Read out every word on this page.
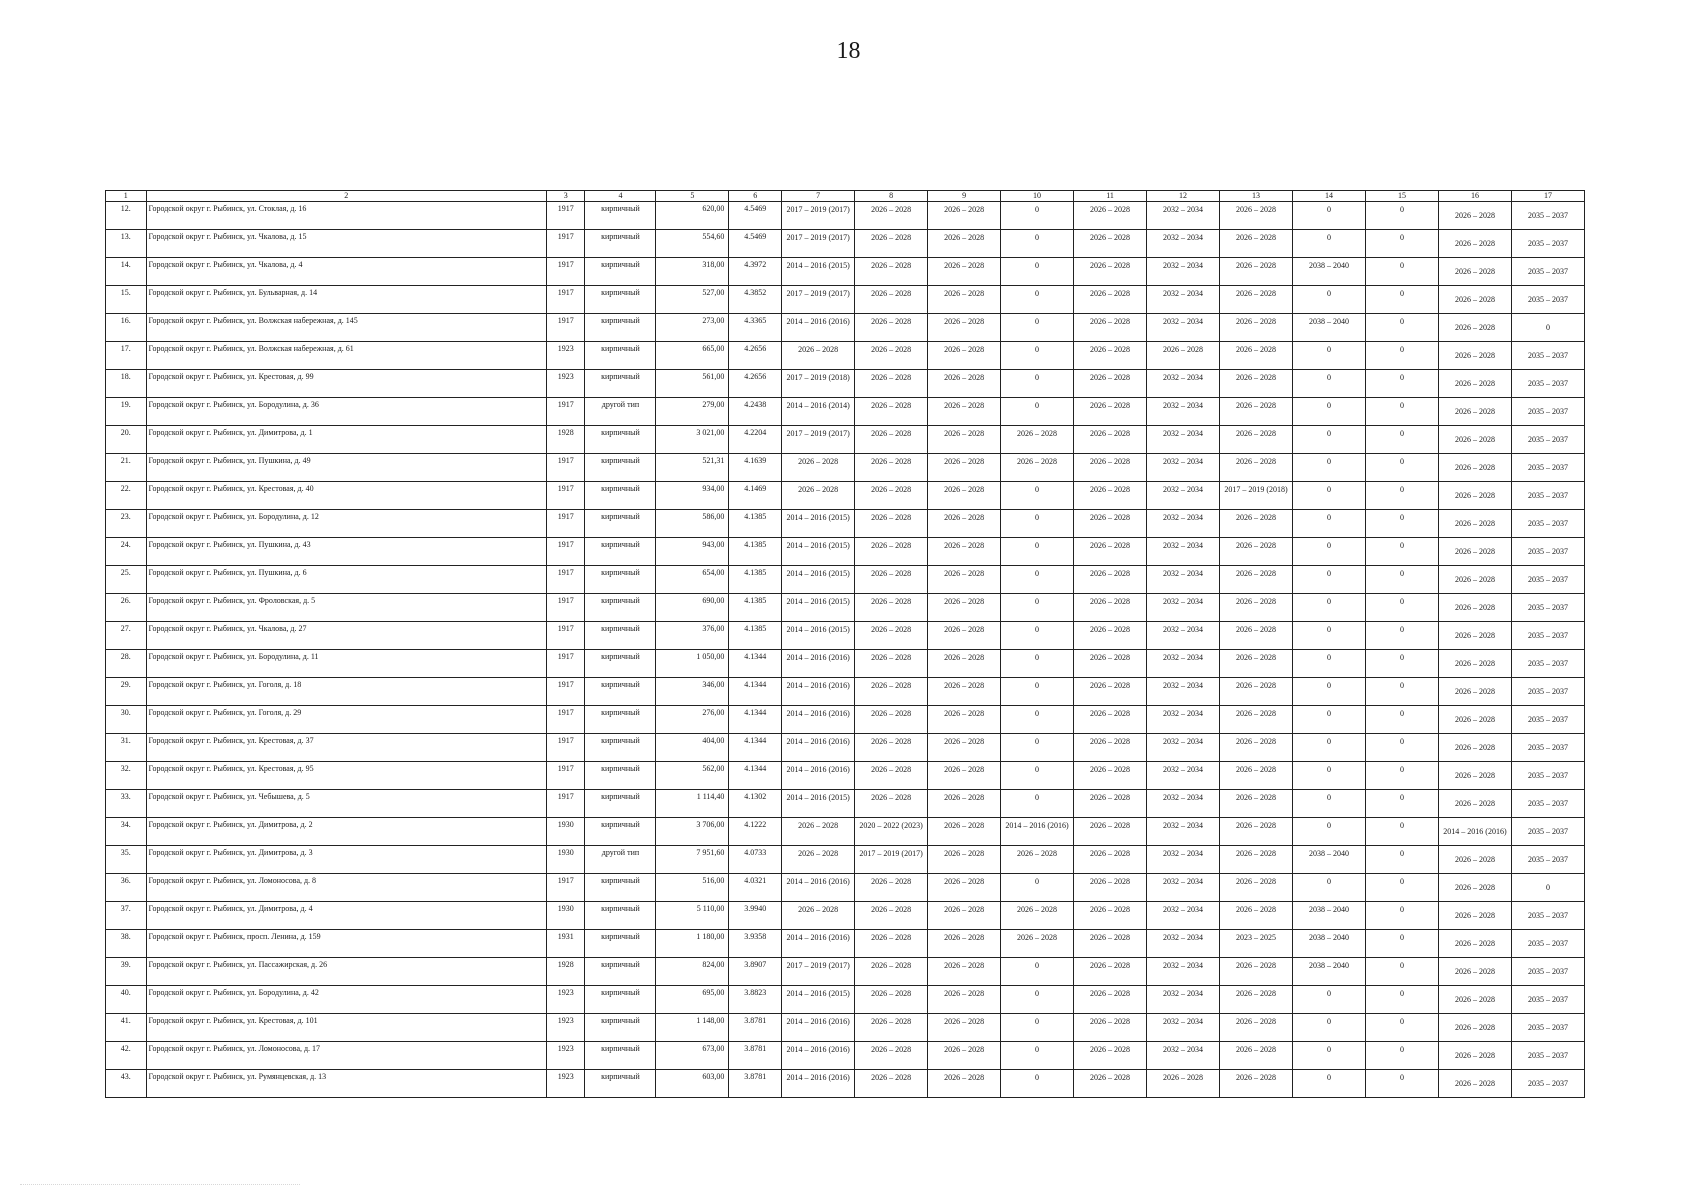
18
1	2	3	4	5	6	7	8	9	10	11	12	13	14	15	16	17
12.	Городской округ г. Рыбинск, ул. Стоклая, д. 16	1917	кирпичный	620,00	4.5469	2017 – 2019 (2017)	2026 – 2028	2026 – 2028	0	2026 – 2028	2032 – 2034	2026 – 2028	0	0	2026 – 2028	2035 – 2037
13.	Городской округ г. Рыбинск, ул. Чкалова, д. 15	1917	кирпичный	554,60	4.5469	2017 – 2019 (2017)	2026 – 2028	2026 – 2028	0	2026 – 2028	2032 – 2034	2026 – 2028	0	0	2026 – 2028	2035 – 2037
14.	Городской округ г. Рыбинск, ул. Чкалова, д. 4	1917	кирпичный	318,00	4.3972	2014 – 2016 (2015)	2026 – 2028	2026 – 2028	0	2026 – 2028	2032 – 2034	2026 – 2028	2038 – 2040	0	2026 – 2028	2035 – 2037
15.	Городской округ г. Рыбинск, ул. Бульварная, д. 14	1917	кирпичный	527,00	4.3852	2017 – 2019 (2017)	2026 – 2028	2026 – 2028	0	2026 – 2028	2032 – 2034	2026 – 2028	0	0	2026 – 2028	2035 – 2037
16.	Городской округ г. Рыбинск, ул. Волжская набережная, д. 145	1917	кирпичный	273,00	4.3365	2014 – 2016 (2016)	2026 – 2028	2026 – 2028	0	2026 – 2028	2032 – 2034	2026 – 2028	2038 – 2040	0	2026 – 2028	0
17.	Городской округ г. Рыбинск, ул. Волжская набережная, д. 61	1923	кирпичный	665,00	4.2656	2026 – 2028	2026 – 2028	2026 – 2028	0	2026 – 2028	2026 – 2028	2026 – 2028	0	0	2026 – 2028	2035 – 2037
18.	Городской округ г. Рыбинск, ул. Крестовая, д. 99	1923	кирпичный	561,00	4.2656	2017 – 2019 (2018)	2026 – 2028	2026 – 2028	0	2026 – 2028	2032 – 2034	2026 – 2028	0	0	2026 – 2028	2035 – 2037
19.	Городской округ г. Рыбинск, ул. Бородулина, д. 36	1917	другой тип	279,00	4.2438	2014 – 2016 (2014)	2026 – 2028	2026 – 2028	0	2026 – 2028	2032 – 2034	2026 – 2028	0	0	2026 – 2028	2035 – 2037
20.	Городской округ г. Рыбинск, ул. Димитрова, д. 1	1928	кирпичный	3 021,00	4.2204	2017 – 2019 (2017)	2026 – 2028	2026 – 2028	2026 – 2028	2026 – 2028	2032 – 2034	2026 – 2028	0	0	2026 – 2028	2035 – 2037
21.	Городской округ г. Рыбинск, ул. Пушкина, д. 49	1917	кирпичный	521,31	4.1639	2026 – 2028	2026 – 2028	2026 – 2028	2026 – 2028	2026 – 2028	2032 – 2034	2026 – 2028	0	0	2026 – 2028	2035 – 2037
22.	Городской округ г. Рыбинск, ул. Крестовая, д. 40	1917	кирпичный	934,00	4.1469	2026 – 2028	2026 – 2028	2026 – 2028	0	2026 – 2028	2032 – 2034	2017 – 2019 (2018)	0	0	2026 – 2028	2035 – 2037
23.	Городской округ г. Рыбинск, ул. Бородулина, д. 12	1917	кирпичный	586,00	4.1385	2014 – 2016 (2015)	2026 – 2028	2026 – 2028	0	2026 – 2028	2032 – 2034	2026 – 2028	0	0	2026 – 2028	2035 – 2037
24.	Городской округ г. Рыбинск, ул. Пушкина, д. 43	1917	кирпичный	943,00	4.1385	2014 – 2016 (2015)	2026 – 2028	2026 – 2028	0	2026 – 2028	2032 – 2034	2026 – 2028	0	0	2026 – 2028	2035 – 2037
25.	Городской округ г. Рыбинск, ул. Пушкина, д. 6	1917	кирпичный	654,00	4.1385	2014 – 2016 (2015)	2026 – 2028	2026 – 2028	0	2026 – 2028	2032 – 2034	2026 – 2028	0	0	2026 – 2028	2035 – 2037
26.	Городской округ г. Рыбинск, ул. Фроловская, д. 5	1917	кирпичный	690,00	4.1385	2014 – 2016 (2015)	2026 – 2028	2026 – 2028	0	2026 – 2028	2032 – 2034	2026 – 2028	0	0	2026 – 2028	2035 – 2037
27.	Городской округ г. Рыбинск, ул. Чкалова, д. 27	1917	кирпичный	376,00	4.1385	2014 – 2016 (2015)	2026 – 2028	2026 – 2028	0	2026 – 2028	2032 – 2034	2026 – 2028	0	0	2026 – 2028	2035 – 2037
28.	Городской округ г. Рыбинск, ул. Бородулина, д. 11	1917	кирпичный	1 050,00	4.1344	2014 – 2016 (2016)	2026 – 2028	2026 – 2028	0	2026 – 2028	2032 – 2034	2026 – 2028	0	0	2026 – 2028	2035 – 2037
29.	Городской округ г. Рыбинск, ул. Гоголя, д. 18	1917	кирпичный	346,00	4.1344	2014 – 2016 (2016)	2026 – 2028	2026 – 2028	0	2026 – 2028	2032 – 2034	2026 – 2028	0	0	2026 – 2028	2035 – 2037
30.	Городской округ г. Рыбинск, ул. Гоголя, д. 29	1917	кирпичный	276,00	4.1344	2014 – 2016 (2016)	2026 – 2028	2026 – 2028	0	2026 – 2028	2032 – 2034	2026 – 2028	0	0	2026 – 2028	2035 – 2037
31.	Городской округ г. Рыбинск, ул. Крестовая, д. 37	1917	кирпичный	404,00	4.1344	2014 – 2016 (2016)	2026 – 2028	2026 – 2028	0	2026 – 2028	2032 – 2034	2026 – 2028	0	0	2026 – 2028	2035 – 2037
32.	Городской округ г. Рыбинск, ул. Крестовая, д. 95	1917	кирпичный	562,00	4.1344	2014 – 2016 (2016)	2026 – 2028	2026 – 2028	0	2026 – 2028	2032 – 2034	2026 – 2028	0	0	2026 – 2028	2035 – 2037
33.	Городской округ г. Рыбинск, ул. Чебышева, д. 5	1917	кирпичный	1 114,40	4.1302	2014 – 2016 (2015)	2026 – 2028	2026 – 2028	0	2026 – 2028	2032 – 2034	2026 – 2028	0	0	2026 – 2028	2035 – 2037
34.	Городской округ г. Рыбинск, ул. Димитрова, д. 2	1930	кирпичный	3 706,00	4.1222	2026 – 2028	2020 – 2022 (2023)	2026 – 2028	2014 – 2016 (2016)	2026 – 2028	2032 – 2034	2026 – 2028	0	0	2014 – 2016 (2016)	2035 – 2037
35.	Городской округ г. Рыбинск, ул. Димитрова, д. 3	1930	другой тип	7 951,60	4.0733	2026 – 2028	2017 – 2019 (2017)	2026 – 2028	2026 – 2028	2026 – 2028	2032 – 2034	2026 – 2028	2038 – 2040	0	2026 – 2028	2035 – 2037
36.	Городской округ г. Рыбинск, ул. Ломоносова, д. 8	1917	кирпичный	516,00	4.0321	2014 – 2016 (2016)	2026 – 2028	2026 – 2028	0	2026 – 2028	2032 – 2034	2026 – 2028	0	0	2026 – 2028	0
37.	Городской округ г. Рыбинск, ул. Димитрова, д. 4	1930	кирпичный	5 110,00	3.9940	2026 – 2028	2026 – 2028	2026 – 2028	2026 – 2028	2026 – 2028	2032 – 2034	2026 – 2028	2038 – 2040	0	2026 – 2028	2035 – 2037
38.	Городской округ г. Рыбинск, просп. Ленина, д. 159	1931	кирпичный	1 180,00	3.9358	2014 – 2016 (2016)	2026 – 2028	2026 – 2028	2026 – 2028	2026 – 2028	2032 – 2034	2023 – 2025	2038 – 2040	0	2026 – 2028	2035 – 2037
39.	Городской округ г. Рыбинск, ул. Пассажирская, д. 26	1928	кирпичный	824,00	3.8907	2017 – 2019 (2017)	2026 – 2028	2026 – 2028	0	2026 – 2028	2032 – 2034	2026 – 2028	2038 – 2040	0	2026 – 2028	2035 – 2037
40.	Городской округ г. Рыбинск, ул. Бородулина, д. 42	1923	кирпичный	695,00	3.8823	2014 – 2016 (2015)	2026 – 2028	2026 – 2028	0	2026 – 2028	2032 – 2034	2026 – 2028	0	0	2026 – 2028	2035 – 2037
41.	Городской округ г. Рыбинск, ул. Крестовая, д. 101	1923	кирпичный	1 148,00	3.8781	2014 – 2016 (2016)	2026 – 2028	2026 – 2028	0	2026 – 2028	2032 – 2034	2026 – 2028	0	0	2026 – 2028	2035 – 2037
42.	Городской округ г. Рыбинск, ул. Ломоносова, д. 17	1923	кирпичный	673,00	3.8781	2014 – 2016 (2016)	2026 – 2028	2026 – 2028	0	2026 – 2028	2032 – 2034	2026 – 2028	0	0	2026 – 2028	2035 – 2037
43.	Городской округ г. Рыбинск, ул. Румянцевская, д. 13	1923	кирпичный	603,00	3.8781	2014 – 2016 (2016)	2026 – 2028	2026 – 2028	0	2026 – 2028	2026 – 2028	2026 – 2028	0	0	2026 – 2028	2035 – 2037
